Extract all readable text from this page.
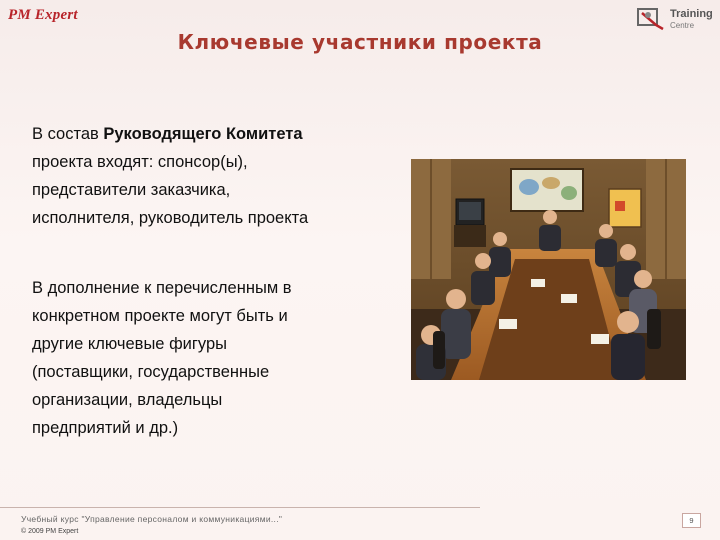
PM Expert	Training
Centre
Ключевые участники проекта
В состав Руководящего Комитета
проекта входят: спонсор(ы),
представители заказчика,
исполнителя, руководитель проекта
В дополнение к перечисленным в
конкретном проекте могут быть и
другие ключевые фигуры
(поставщики, государственные
организации, владельцы
предприятий и др.)
Учебный курс "Управление персоналом и коммуникациями..."
© 2009 PM Expert
9
